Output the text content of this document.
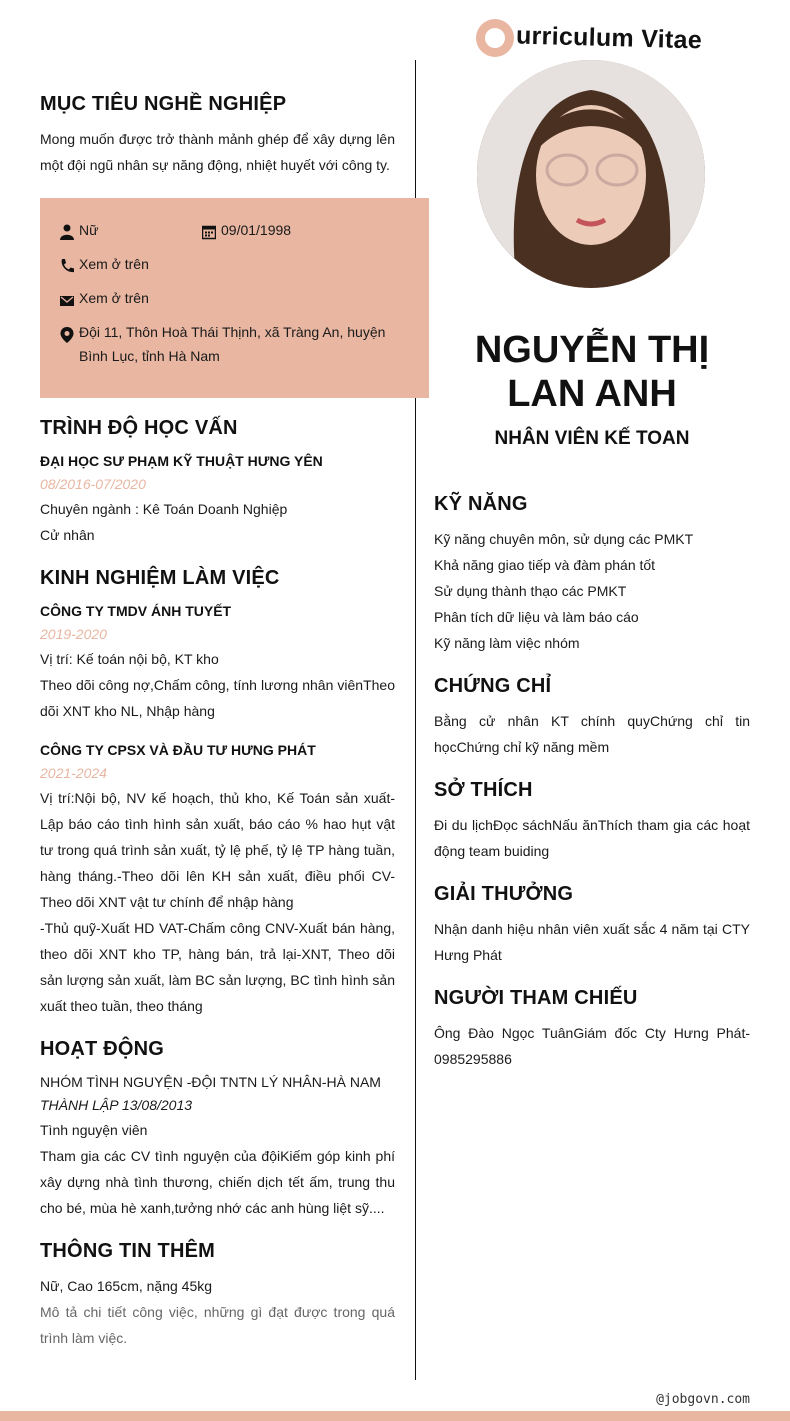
urriculum Vitae
NGUYỄN THỊ
LAN ANH
NHÂN VIÊN KẾ TOAN
MỤC TIÊU NGHỀ NGHIỆP
Mong muốn được trở thành mảnh ghép để xây dựng lên một đội ngũ nhân sự năng động, nhiệt huyết với công ty.
Nữ	09/01/1998
Xem ở trên
Xem ở trên
Đội 11, Thôn Hoà Thái Thịnh, xã Tràng An, huyện Bình Lục, tỉnh Hà Nam
TRÌNH ĐỘ HỌC VẤN
ĐẠI HỌC SƯ PHẠM KỸ THUẬT HƯNG YÊN
08/2016-07/2020
Chuyên ngành : Kê Toán Doanh Nghiệp
Cử nhân
KINH NGHIỆM LÀM VIỆC
CÔNG TY TMDV ÁNH TUYẾT
2019-2020
Vị trí: Kế toán nội bộ, KT kho
Theo dõi công nợ,Chấm công, tính lương nhân viênTheo dõi XNT kho NL, Nhập hàng
CÔNG TY CPSX VÀ ĐẦU TƯ HƯNG PHÁT
2021-2024
Vị trí:Nội bộ, NV kế hoạch, thủ kho, Kế Toán sản xuất-Lập báo cáo tình hình sản xuất, báo cáo % hao hụt vật tư trong quá trình sản xuất, tỷ lệ phế, tỷ lệ TP hàng tuần, hàng tháng.-Theo dõi lên KH sản xuất, điều phối CV-Theo dõi XNT vật tư chính để nhập hàng
-Thủ quỹ-Xuất HD VAT-Chấm công CNV-Xuất bán hàng, theo dõi XNT kho TP, hàng bán, trả lại-XNT, Theo dõi sản lượng sản xuất, làm BC sản lượng, BC tình hình sản xuất theo tuần, theo tháng
HOẠT ĐỘNG
NHÓM TÌNH NGUYỆN -ĐỘI TNTN LÝ NHÂN-HÀ NAM
THÀNH LẬP 13/08/2013
Tình nguyện viên
Tham gia các CV tình nguyện của độiKiếm góp kinh phí xây dựng nhà tình thương, chiến dịch tết ấm, trung thu cho bé, mùa hè xanh,tưởng nhớ các anh hùng liệt sỹ....
THÔNG TIN THÊM
Nữ, Cao 165cm, nặng 45kg
Mô tả chi tiết công việc, những gì đạt được trong quá trình làm việc.
KỸ NĂNG
Kỹ năng chuyên môn, sử dụng các PMKT
Khả năng giao tiếp và đàm phán tốt
Sử dụng thành thạo các PMKT
Phân tích dữ liệu và làm báo cáo
Kỹ năng làm việc nhóm
CHỨNG CHỈ
Bằng cử nhân KT chính quyChứng chỉ tin họcChứng chỉ kỹ năng mềm
SỞ THÍCH
Đi du lịchĐọc sáchNấu ănThích tham gia các hoạt động team buiding
GIẢI THƯỞNG
Nhận danh hiệu nhân viên xuất sắc 4 năm tại CTY Hưng Phát
NGƯỜI THAM CHIẾU
Ông Đào Ngọc TuânGiám đốc Cty Hưng Phát-0985295886
@jobgovn.com
